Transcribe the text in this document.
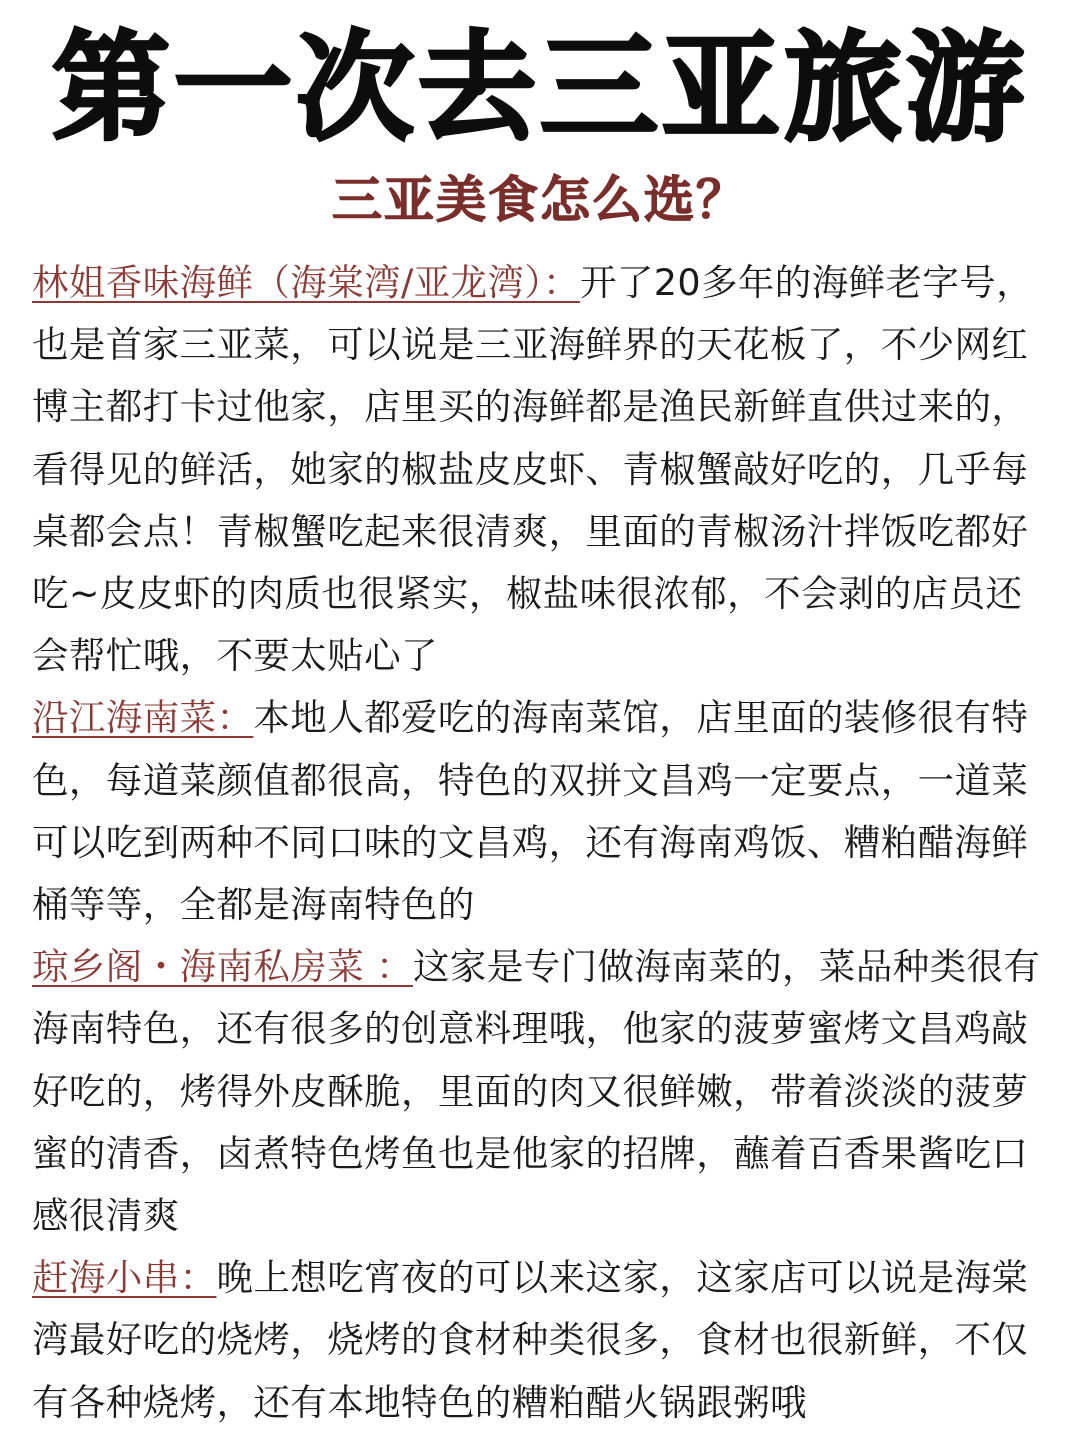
第一次去三亚旅游
三亚美食怎么选？

林姐香味海鲜（海棠湾/亚龙湾）：开了20多年的海鲜老字号，也是首家三亚菜，可以说是三亚海鲜界的天花板了，不少网红博主都打卡过他家，店里买的海鲜都是渔民新鲜直供过来的，看得见的鲜活，她家的椒盐皮皮虾、青椒蟹敲好吃的，几乎每桌都会点！青椒蟹吃起来很清爽，里面的青椒汤汁拌饭吃都好吃~皮皮虾的肉质也很紧实，椒盐味很浓郁，不会剥的店员还会帮忙哦，不要太贴心了

沿江海南菜：本地人都爱吃的海南菜馆，店里面的装修很有特色，每道菜颜值都很高，特色的双拼文昌鸡一定要点，一道菜可以吃到两种不同口味的文昌鸡，还有海南鸡饭、糟粕醋海鲜桶等等，全都是海南特色的

琼乡阁・海南私房菜 ：这家是专门做海南菜的，菜品种类很有海南特色，还有很多的创意料理哦，他家的菠萝蜜烤文昌鸡敲好吃的，烤得外皮酥脆，里面的肉又很鲜嫩，带着淡淡的菠萝蜜的清香，卤煮特色烤鱼也是他家的招牌，蘸着百香果酱吃口感很清爽

赶海小串：晚上想吃宵夜的可以来这家，这家店可以说是海棠湾最好吃的烧烤，烧烤的食材种类很多，食材也很新鲜，不仅有各种烧烤，还有本地特色的糟粕醋火锅跟粥哦
